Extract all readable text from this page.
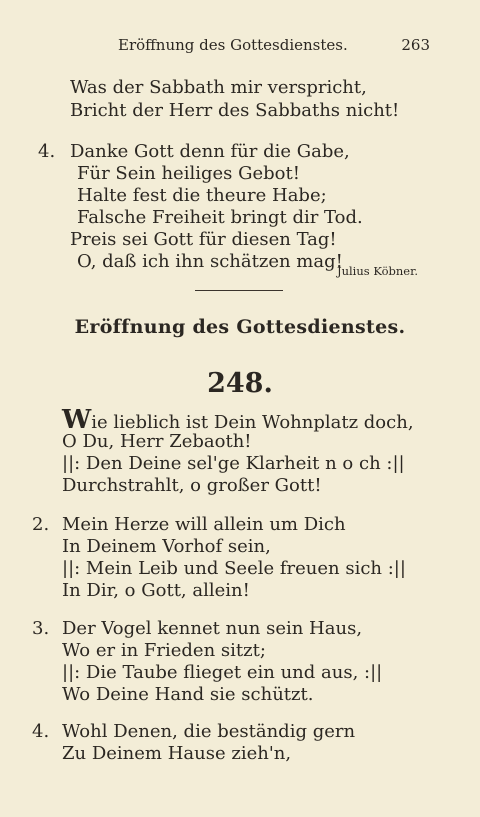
Eröffnung des Gottesdienstes.	263
Was der Sabbath mir verspricht,
Bricht der Herr des Sabbaths nicht!
4. Danke Gott denn für die Gabe,
Für Sein heiliges Gebot!
Halte fest die theure Habe;
Falsche Freiheit bringt dir Tod.
Preis sei Gott für diesen Tag!
O, daß ich ihn schätzen mag!
Julius Köbner.
Eröffnung des Gottesdienstes.
248.
Wie lieblich ist Dein Wohnplatz doch,
O Du, Herr Zebaoth!
||: Den Deine sel'ge Klarheit n o ch :||
Durchstrahlt, o großer Gott!
2. Mein Herze will allein um Dich
In Deinem Vorhof sein,
||: Mein Leib und Seele freuen sich :||
In Dir, o Gott, allein!
3. Der Vogel kennet nun sein Haus,
Wo er in Frieden sitzt;
||: Die Taube flieget ein und aus, :||
Wo Deine Hand sie schützt.
4. Wohl Denen, die beständig gern
Zu Deinem Hause zieh'n,
